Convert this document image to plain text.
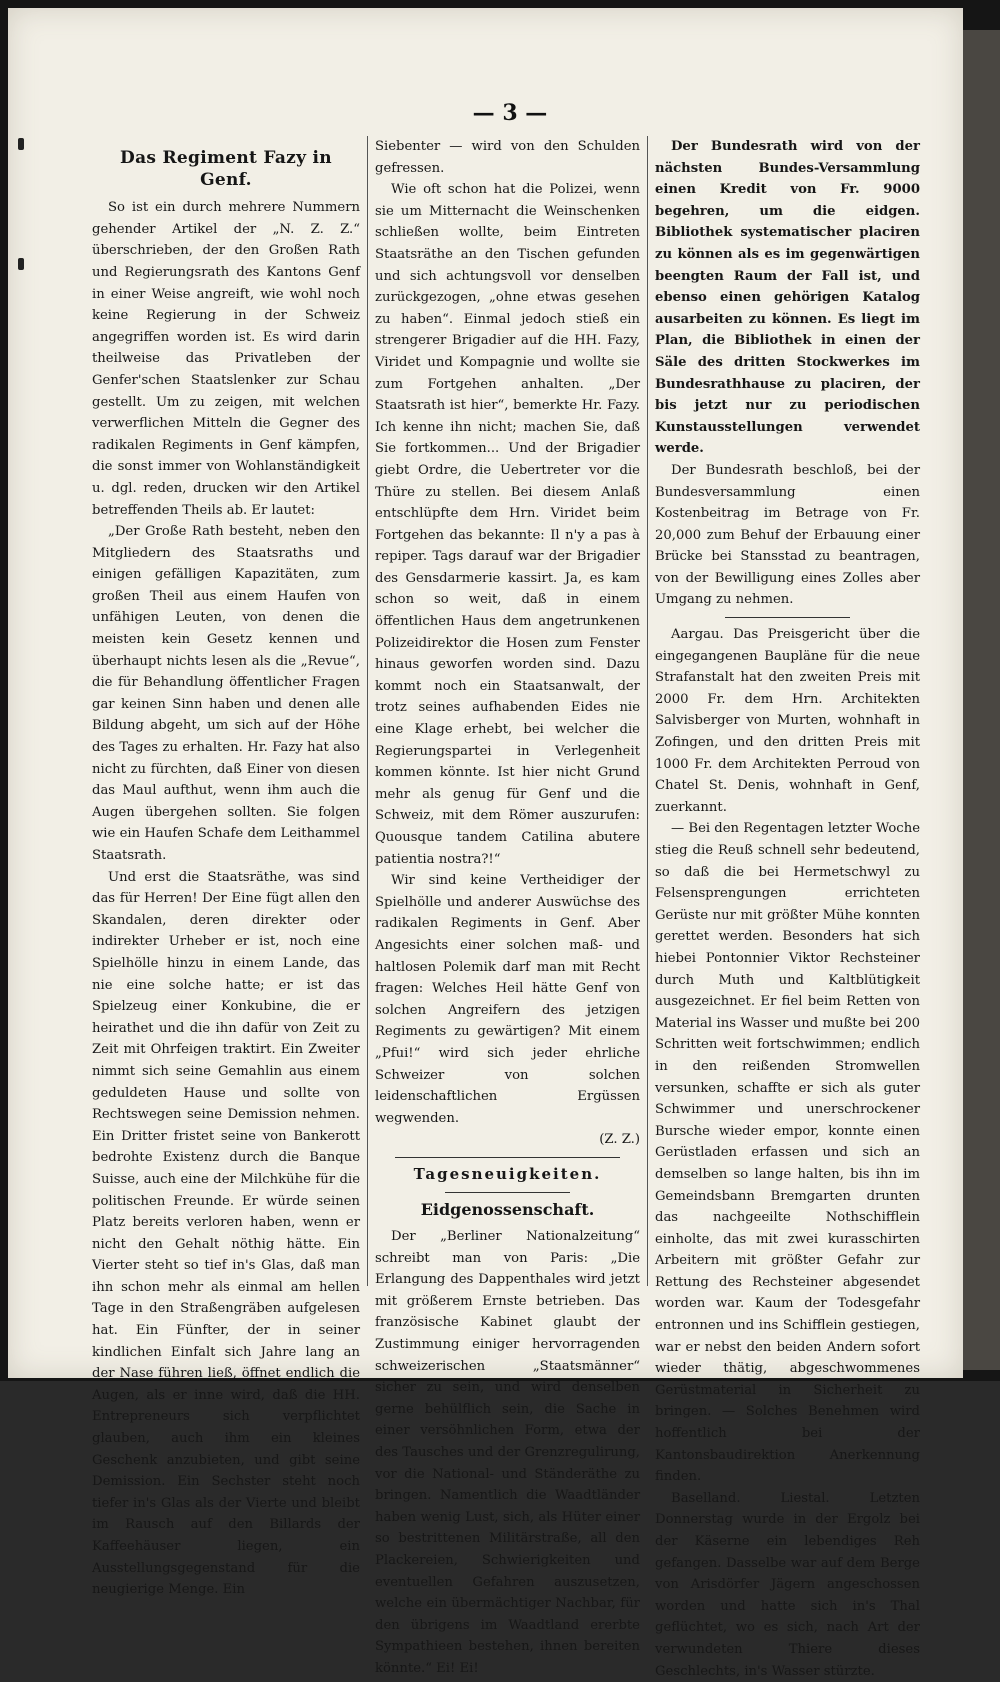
— 3 —
Das Regiment Fazy in Genf.

So ist ein durch mehrere Nummern gehender Artikel der „N. Z. Z.“ überschrieben, der den Großen Rath und Regierungsrath des Kantons Genf in einer Weise angreift, wie wohl noch keine Regierung in der Schweiz angegriffen worden ist. Es wird darin theilweise das Privatleben der Genfer'schen Staatslenker zur Schau gestellt. Um zu zeigen, mit welchen verwerflichen Mitteln die Gegner des radikalen Regiments in Genf kämpfen, die sonst immer von Wohlanständigkeit u. dgl. reden, drucken wir den Artikel betreffenden Theils ab. Er lautet:

„Der Große Rath besteht, neben den Mitgliedern des Staatsraths und einigen gefälligen Kapazitäten, zum großen Theil aus einem Haufen von unfähigen Leuten, von denen die meisten kein Gesetz kennen und überhaupt nichts lesen als die „Revue“, die für Behandlung öffentlicher Fragen gar keinen Sinn haben und denen alle Bildung abgeht, um sich auf der Höhe des Tages zu erhalten. Hr. Fazy hat also nicht zu fürchten, daß Einer von diesen das Maul aufthut, wenn ihm auch die Augen übergehen sollten. Sie folgen wie ein Haufen Schafe dem Leithammel Staatsrath.

Und erst die Staatsräthe, was sind das für Herren! Der Eine fügt allen den Skandalen, deren direkter oder indirekter Urheber er ist, noch eine Spielhölle hinzu in einem Lande, das nie eine solche hatte; er ist das Spielzeug einer Konkubine, die er heirathet und die ihn dafür von Zeit zu Zeit mit Ohrfeigen traktirt. Ein Zweiter nimmt sich seine Gemahlin aus einem geduldeten Hause und sollte von Rechtswegen seine Demission nehmen. Ein Dritter fristet seine von Bankerott bedrohte Existenz durch die Banque Suisse, auch eine der Milchkühe für die politischen Freunde. Er würde seinen Platz bereits verloren haben, wenn er nicht den Gehalt nöthig hätte. Ein Vierter steht so tief in's Glas, daß man ihn schon mehr als einmal am hellen Tage in den Straßengräben aufgelesen hat. Ein Fünfter, der in seiner kindlichen Einfalt sich Jahre lang an der Nase führen ließ, öffnet endlich die Augen, als er inne wird, daß die HH. Entrepreneurs sich verpflichtet glauben, auch ihm ein kleines Geschenk anzubieten, und gibt seine Demission. Ein Sechster steht noch tiefer in's Glas als der Vierte und bleibt im Rausch auf den Billards der Kaffeehäuser liegen, ein Ausstellungsgegenstand für die neugierige Menge. Ein

Siebenter — wird von den Schulden gefressen.

Wie oft schon hat die Polizei, wenn sie um Mitternacht die Weinschenken schließen wollte, beim Eintreten Staatsräthe an den Tischen gefunden und sich achtungsvoll vor denselben zurückgezogen, „ohne etwas gesehen zu haben“. Einmal jedoch stieß ein strengerer Brigadier auf die HH. Fazy, Viridet und Kompagnie und wollte sie zum Fortgehen anhalten. „Der Staatsrath ist hier“, bemerkte Hr. Fazy. Ich kenne ihn nicht; machen Sie, daß Sie fortkommen... Und der Brigadier giebt Ordre, die Uebertreter vor die Thüre zu stellen. Bei diesem Anlaß entschlüpfte dem Hrn. Viridet beim Fortgehen das bekannte: Il n'y a pas à repiper. Tags darauf war der Brigadier des Gensdarmerie kassirt. Ja, es kam schon so weit, daß in einem öffentlichen Haus dem angetrunkenen Polizeidirektor die Hosen zum Fenster hinaus geworfen worden sind. Dazu kommt noch ein Staatsanwalt, der trotz seines aufhabenden Eides nie eine Klage erhebt, bei welcher die Regierungspartei in Verlegenheit kommen könnte. Ist hier nicht Grund mehr als genug für Genf und die Schweiz, mit dem Römer auszurufen: Quousque tandem Catilina abutere patientia nostra?!“

Wir sind keine Vertheidiger der Spielhölle und anderer Auswüchse des radikalen Regiments in Genf. Aber Angesichts einer solchen maß- und haltlosen Polemik darf man mit Recht fragen: Welches Heil hätte Genf von solchen Angreifern des jetzigen Regiments zu gewärtigen? Mit einem „Pfui!“ wird sich jeder ehrliche Schweizer von solchen leidenschaftlichen Ergüssen wegwenden.

(Z. Z.)
Tagesneuigkeiten.
Eidgenossenschaft.

Der „Berliner Nationalzeitung“ schreibt man von Paris: „Die Erlangung des Dappenthales wird jetzt mit größerem Ernste betrieben. Das französische Kabinet glaubt der Zustimmung einiger hervorragenden schweizerischen „Staatsmänner“ sicher zu sein, und wird denselben gerne behülflich sein, die Sache in einer versöhnlichen Form, etwa der des Tausches und der Grenzregulirung, vor die National- und Ständeräthe zu bringen. Namentlich die Waadtländer haben wenig Lust, sich, als Hüter einer so bestrittenen Militärstraße, all den Plackereien, Schwierigkeiten und eventuellen Gefahren auszusetzen, welche ein übermächtiger Nachbar, für den übrigens im Waadtland ererbte Sympathieen bestehen, ihnen bereiten könnte.“ Ei! Ei!

Der Bundesrath wird von der nächsten Bundes-Versammlung einen Kredit von Fr. 9000 begehren, um die eidgen. Bibliothek systematischer placiren zu können als es im gegenwärtigen beengten Raum der Fall ist, und ebenso einen gehörigen Katalog ausarbeiten zu können. Es liegt im Plan, die Bibliothek in einen der Säle des dritten Stockwerkes im Bundesrathhause zu placiren, der bis jetzt nur zu periodischen Kunstausstellungen verwendet werde.

Der Bundesrath beschloß, bei der Bundesversammlung einen Kostenbeitrag im Betrage von Fr. 20,000 zum Behuf der Erbauung einer Brücke bei Stansstad zu beantragen, von der Bewilligung eines Zolles aber Umgang zu nehmen.

Aargau. Das Preisgericht über die eingegangenen Baupläne für die neue Strafanstalt hat den zweiten Preis mit 2000 Fr. dem Hrn. Architekten Salvisberger von Murten, wohnhaft in Zofingen, und den dritten Preis mit 1000 Fr. dem Architekten Perroud von Chatel St. Denis, wohnhaft in Genf, zuerkannt.

— Bei den Regentagen letzter Woche stieg die Reuß schnell sehr bedeutend, so daß die bei Hermetschwyl zu Felsensprengungen errichteten Gerüste nur mit größter Mühe konnten gerettet werden. Besonders hat sich hiebei Pontonnier Viktor Rechsteiner durch Muth und Kaltblütigkeit ausgezeichnet. Er fiel beim Retten von Material ins Wasser und mußte bei 200 Schritten weit fortschwimmen; endlich in den reißenden Stromwellen versunken, schaffte er sich als guter Schwimmer und unerschrockener Bursche wieder empor, konnte einen Gerüstladen erfassen und sich an demselben so lange halten, bis ihn im Gemeindsbann Bremgarten drunten das nachgeeilte Nothschifflein einholte, das mit zwei kurasschirten Arbeitern mit größter Gefahr zur Rettung des Rechsteiner abgesendet worden war. Kaum der Todesgefahr entronnen und ins Schifflein gestiegen, war er nebst den beiden Andern sofort wieder thätig, abgeschwommenes Gerüstmaterial in Sicherheit zu bringen. — Solches Benehmen wird hoffentlich bei der Kantonsbaudirektion Anerkennung finden.

Baselland. Liestal. Letzten Donnerstag wurde in der Ergolz bei der Käserne ein lebendiges Reh gefangen. Dasselbe war auf dem Berge von Arisdörfer Jägern angeschossen worden und hatte sich in's Thal geflüchtet, wo es sich, nach Art der verwundeten Thiere dieses Geschlechts, in's Wasser stürzte.
